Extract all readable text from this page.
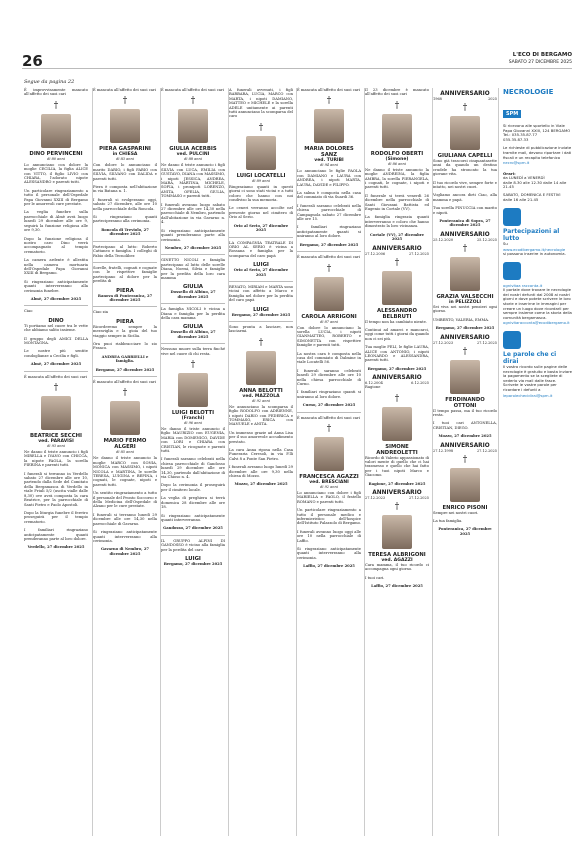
26	L'ECO DI BERGAMO
SABATO 27 DICEMBRE 2025
Segue da pagina 22
È improvvisamente mancato all'affetto dei suoi cari
†
DINO PERVINCENI
di 80 anni
Lo annunciano con dolore la moglie CECILIA, la figlia ALICE con VITTO, il figlio LIVIO con CHIARA, l'adorato nipote ALESSANDRO e parenti tutti.
Un particolare ringraziamento a tutto il personale dell'Ospedale Papa Giovanni XXIII di Bergamo per le amorevoli cure prestate.
La veglia funebre sulla parrocchiale di Almè avrà luogo lunedì 29 dicembre alle ore 9, seguirà la funzione religiosa alle ore 9,30.
Dopo la funzione religiosa il nostro caro Dino verrà accompagnato al tempio crematorio.
La camera ardente è allestita nella camera mortuaria dell'Ospedale Papa Giovanni XXIII di Bergamo.
Si ringraziano anticipatamente quanti interverranno alla cerimonia funebre.
Almè, 27 dicembre 2025
Ciao
DINO
Ti portiamo nel cuore tra le vette che abbiamo salito insieme.
Il gruppo degli AMICI DELLA MONTAGNA.
Le nostre più sentite condoglianze a Cecilia e figli.
Almè, 27 dicembre 2025
È mancata all'affetto dei suoi cari
†
BEATRICE SECCHI
ved. PARAVISI
di 93 anni
Ne danno il triste annuncio i figli MIRELLA e IVANO con CHICCA, la nipote PAOLA, la sorella PIERINA e parenti tutti.
I funerali si terranno in Verdello sabato 27 dicembre alle ore 10, partendo dalla Sede del Comitato della Bergamasca di Verdello in viale Friuli 5/2 (uscita vialle dalle 8,30) ove avrà composta la cara Beatrice, per la parrocchiale di Santi Pietro e Paolo Apostoli.
Dopo la liturgia funebre il feretro proseguirà per il tempio crematorio.
I familiari ringraziano anticipatamente quanti prenderanno parte al loro dolore.
Verdello, 27 dicembre 2025
È mancata all'affetto dei suoi cari
†
PIERA GASPARINI
in CHIESA
di 83 anni
Con dolore lo annunciano il marito DARIO, i figli FABIO con SILVIA, SILVANO con DALIDA e parenti tutti.
Piera è composta nell'abitazione in via Batana n. 1.
I funerali si svolgeranno oggi, sabato 27 dicembre, alle ore 10 nella parrocchiale della Roncola.
Si ringraziano quanti parteciperanno alla cerimonia.
Roncola di Treviolo, 27 dicembre 2025
Partecipano al lutto: Roberto Cattaneo e famiglia. I colleghi di Fabio della Tecnoliber.
Sorelle, fratelli, cognati e cognate con le rispettive famiglie partecipano al dolore per la perdita di
PIERA
Ranova di Ponteranica, 27 dicembre 2025
Ciao zia
PIERA
Ricorderemo sempre la meraviglia e la gioia del tuo viaggio sempre in Sicilia.
Ora puoi riabbracciare lo zio Franco.
ANDREA GABRIELLI e famiglia.
Bergamo, 27 dicembre 2025
È mancato all'affetto dei suoi cari
†
MARIO FERMO ALGERI
di 85 anni
Ne danno il triste annuncio la moglie MARCO con SONIA, MONICA con MASSIMO, i nipoti NICOLA e MARTINA, le sorelle TERESA, LUIGINA e BEPINA, i cognati, le cognate, nipoti e parenti tutti.
Un sentito ringraziamento a tutto il personale del Pronto Soccorso e della Medicina dell'Ospedale di Alzano per le cure prestate.
I funerali si terranno lunedì 29 dicembre alle ore 14,30 nella parrocchiale di Gavarno.
Si ringraziano anticipatamente quanti interverranno alla cerimonia.
Gavarno di Nembro, 27 dicembre 2025
È mancata all'affetto dei suoi cari
†
GIULIA ACERBIS
ved. PULCINI
di 88 anni
Ne danno il triste annuncio i figli SILVIA con LUCA, EMILIA con GUSTAVO, DIANA con MASSIMO, i nipoti JESSICA, ANDREA, MARA, MARTINA, MICHELE, SOFIA, i pronipoti LORENZO, ANITA, OFELIA, GIULIA, TOMMASO e parenti tutti.
I funerali avranno luogo sabato 27 dicembre alle ore 14,30 nella parrocchiale di Nembro, partendo dall'abitazione in via Gavarno n. 4.
Si ringraziano anticipatamente quanti prenderanno parte alla cerimonia.
Nembro, 27 dicembre 2025
GINETTO NICOLI e famiglia partecipano al lutto delle sorelle Diana, Noemi, Silvia e famiglie per la perdita della loro cara mamma
GIULIA
Dossello di Albino, 27 dicembre 2025
La famiglia NICOLI è vicina a Diana e famiglia per la perdita della cara mamma
GIULIA
Dossello di Albino, 27 dicembre 2025
Nessuno muore sulla terra finché vive nel cuore di chi resta.
†
LUIGI BELOTTI
(Franchi)
di 96 anni
Ne danno il triste annuncio il figlio MAURIZIO con EUGENIA, MARIA con DOMENICO, DAVIDE con LORI e CHIARA con CRISTIAN, le ricognote e parenti tutti.
I funerali saranno celebrati nella chiesa parrocchiale di Gandosso lunedì 29 dicembre alle ore 14,30, partendo dall'abitazione di via Chioso n. 4.
Dopo la cerimonia il proseguirà per il cimitero locale.
La veglia di preghiera si terrà domenica 28 dicembre alle ore 18.
Si ringraziano anticipatamente quanti interverranno.
Gandosso, 27 dicembre 2025
IL GRUPPO ALPINI DI GANDOSSO è vicino alla famiglia per la perdita del caro
LUIGI
Bergamo, 27 dicembre 2025
A funerali avvenuti, i figli BARBARA, LUCIA, MARCO con MARTA, i nipoti DAMIANO, MATTEO e MICHELE e la sorella ADELE unitamente ai parenti tutti annunciano la scomparsa del caro
†
LUIGI LOCATELLI
di 89 anni
Ringraziamo quanti in questi giorni ci sono stati vicini e a tutti coloro che hanno con noi condiviso la sua memoria.
Le ceneri verranno accolte nel presente giorno nel cimitero di Orio al Serio.
Orio al Serio, 27 dicembre 2025
LA COMPAGNIA TEATRALE DI ORIO AL SERIO è vicina a Rossana e famiglia per la scomparsa del caro papà
LUIGI
Orio al Serio, 27 dicembre 2025
RENATO, MIRIAM e MARTA sono vicini con affetto a Marco e famiglia nel dolore per la perdita del caro papà
LUIGI
Bergamo, 27 dicembre 2025
Sono pronta a lasciare, non lasciarmi.
†
ANNA BELOTTI
ved. MAZZOLA
di 92 anni
Ne annunciano la scomparsa il figlio RODOLFO con ADRIENNE, i nipoti DARIO con FEDERICA e TOMMASO, ERICA con MANUELE e ANITA.
Un immenso grazie ad Anna Lisa per il suo amorevole accudimento prestato.
La cara Anna riposa nella Casa Funeraria Ceresoli, in via F.lli Calvi 8 a Ponte San Pietro.
I funerali avranno luogo lunedì 29 dicembre alle ore 9,30 nella chiesa di Mozzo.
Mozzo, 27 dicembre 2025
È mancata all'affetto dei suoi cari
†
MARIA DOLORES SANZ
ved. TURIBI
di 94 anni
Lo annunciano le figlie PAOLA con DAMIANO e LAURA con ANDREA, i nipoti MARTA, LAURA, DAVIDE e FILIPPO.
La salma è composta nella casa del commiato di via Suardi 36.
I funerali saranno celebrati nella chiesa parrocchiale di Campagnola sabato 27 dicembre alle ore 15.
I familiari ringraziano anticipatamente quanti si uniranno al loro dolore.
Bergamo, 27 dicembre 2025
È mancata all'affetto dei suoi cari
†
CAROLA ARRIGONI
di 87 anni
Con dolore lo annunciano la sorella LUCIA, i nipoti GIANMATTEO, ROBERTO e SIMONETTA con rispettive famiglie e parenti tutti.
La nostra cara è composta nella casa del commiato di Dalmine in viale Locatelli 56.
I funerali saranno celebrati lunedì 29 dicembre alle ore 10 nella chiesa parrocchiale di Curno.
I familiari ringraziano quanti si uniranno al loro dolore.
Curno, 27 dicembre 2025
È mancata all'affetto dei suoi cari
†
FRANCESCA AGAZZI
ved. BRESCIANI
di 92 anni
Lo annunciano con dolore i figli MARIELLA e PAOLO, il fratello ROMANO e parenti tutti.
Un particolare ringraziamento a tutto il personale medico e infermieristico dell'hospice dell'Istituto Palazzolo di Bergamo.
I funerali avranno luogo oggi alle ore 10 nella parrocchiale di Laffio.
Si ringraziano anticipatamente quanti interverranno alla cerimonia.
Laffio, 27 dicembre 2025
Il 23 dicembre è mancato all'affetto dei suoi cari
†
RODOLFO OBERTI
(Simone)
di 86 anni
Ne danno il triste annuncio la moglie ANDREINA, la figlia AMBRA, la sorella PIERANGELA, i cognati, le cognate, i nipoti e parenti tutti.
Il funerale si terrà venerdì 26 dicembre nella parrocchiale di Santi Giovanni Battista ed Eugenio in Cortale (VV).
La famiglia ringrazia quanti interverranno e coloro che hanno dimostrato la loro vicinanza.
Cortale (VV), 27 dicembre 2025
ANNIVERSARIO
27.12.2006	27.12.2025
†
ALESSANDRO BELBRUTI
Il tempo non ha cambiato niente.
Continui ad amarci e mancarci, oggi come tutti i giorni da quando non ci sei più.
Tua moglie FELI, le figlie LAURA, ALICE con ANTONIO, i nipoti LEONARDO e ALESSANDRA, parenti tutti.
Bergamo, 27 dicembre 2025
ANNIVERSARIO
6.12.2004	6.12.2025
Ragione
†
SIMONE ANDREOLETTI
Ricordo di Valerio appassionato di valori mente di quello che ci hai trasmesso e quello che hai fatto per i tuoi nipoti Marco e Giacomo.
Ragione, 27 dicembre 2025
ANNIVERSARIO
27.12.2023	27.12.2025
†
TERESA ALBRIGONI
ved. AGAZZI
Cara mamma, il tuo ricordo ci accompagna ogni giorno.
I tuoi cari.
Laffio, 27 dicembre 2025
ANNIVERSARIO
1968	2025
†
GIULIANA CAPELLI
Sono già trascorsi cinquantasette anni da quando un destino crudele ha stroncato la tua giovane vita.
Il tuo ricordo vive, sempre forte e intatto, nei nostri cuori.
Vogliamo ancora dirti Ciao, alla mamma e papà.
Tua sorella FINUCCIA con marito e nipoti.
Ponteranica di Sopra, 27 dicembre 2025
ANNIVERSARIO
25.12.2020	25.12.2025
†
GRAZIA VALSECCHI
in PELIZZOLI
Sei viva nei nostri pensieri ogni giorno.
UMBERTO, VALERIA, EMMA.
Bergamo, 27 dicembre 2025
ANNIVERSARIO
27.12.2023	27.12.2025
†
FERDINANDO OTTONI
Il tempo passa, ma il tuo ricordo resta.
I tuoi cari ANTONELLA, CRISTIAN, DIEGO.
Mozzo, 27 dicembre 2025
ANNIVERSARIO
27.12.1998	27.12.2025
†
ENRICO PISONI
Sempre nei nostri cuori.
La tua famiglia.
Ponteranica, 27 dicembre 2025
NECROLOGIE
SPM
Si ricevono alle sportello in Viale Papa Giovanni XXIII, 124 BERGAMO
Tel.: 035.35.87.77
035.35.87.33
Le richieste di pubblicazione inviate tramite mail, devono riportare i dati fiscali e un recapito telefonico
necro@spm.it
Orari:
da LUNEDÌ a VENERDÌ
dalle 8.30 alle 12.30 dalle 14 alle 21.45
SABATO, DOMENICA E FESTIVI
dalle 16 alle 21.45
Partecipazioni al lutto
Su
www.ecodibergamo.it/necrologie
si possono inserire in autonomia.
ognivitaa racconta.it
Il portale dove trovare le necrologie dei nostri defunti dal 2008 ai nostri giorni e dove potete scrivere le loro storie e inserirne le immagini per creare un luogo dove ricordarli per sempre insieme come la storia della comunità bergamasca.
ognivitaracconta@ecodibergamo.it
Le parole che ci dirai
Il vostro ricordo sulle pagine delle necrologie è gratuito e basta inviare la pagamento se la scegliete di vederlo via mail dalle fasce. Scrivete le vostre parole per ricordare i defunti a
leparolechecidirai@spm.it
